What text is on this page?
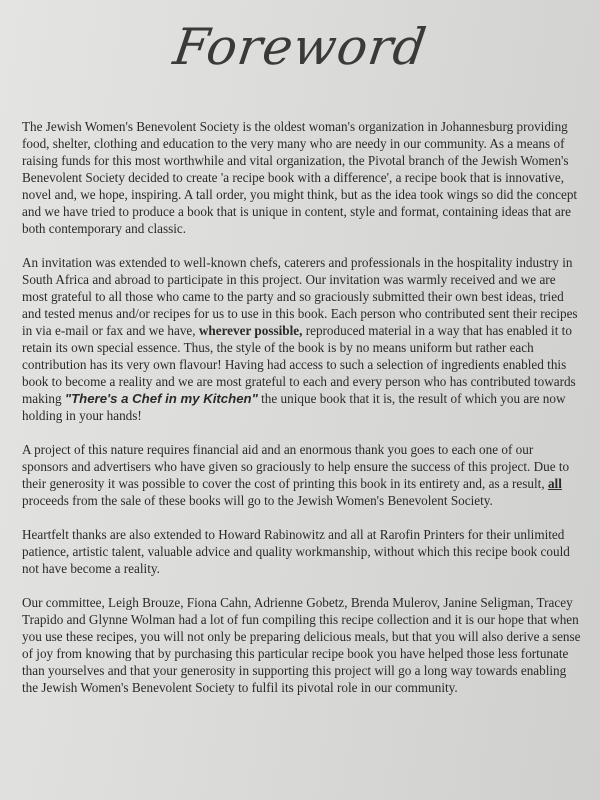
Foreword

The Jewish Women's Benevolent Society is the oldest woman's organization in Johannesburg providing food, shelter, clothing and education to the very many who are needy in our community. As a means of raising funds for this most worthwhile and vital organization, the Pivotal branch of the Jewish Women's Benevolent Society decided to create 'a recipe book with a difference', a recipe book that is innovative, novel and, we hope, inspiring. A tall order, you might think, but as the idea took wings so did the concept and we have tried to produce a book that is unique in content, style and format, containing ideas that are both contemporary and classic.

An invitation was extended to well-known chefs, caterers and professionals in the hospitality industry in South Africa and abroad to participate in this project. Our invitation was warmly received and we are most grateful to all those who came to the party and so graciously submitted their own best ideas, tried and tested menus and/or recipes for us to use in this book. Each person who contributed sent their recipes in via e-mail or fax and we have, wherever possible, reproduced material in a way that has enabled it to retain its own special essence. Thus, the style of the book is by no means uniform but rather each contribution has its very own flavour! Having had access to such a selection of ingredients enabled this book to become a reality and we are most grateful to each and every person who has contributed towards making "There's a Chef in my Kitchen" the unique book that it is, the result of which you are now holding in your hands!

A project of this nature requires financial aid and an enormous thank you goes to each one of our sponsors and advertisers who have given so graciously to help ensure the success of this project. Due to their generosity it was possible to cover the cost of printing this book in its entirety and, as a result, all proceeds from the sale of these books will go to the Jewish Women's Benevolent Society.

Heartfelt thanks are also extended to Howard Rabinowitz and all at Rarofin Printers for their unlimited patience, artistic talent, valuable advice and quality workmanship, without which this recipe book could not have become a reality.

Our committee, Leigh Brouze, Fiona Cahn, Adrienne Gobetz, Brenda Mulerov, Janine Seligman, Tracey Trapido and Glynne Wolman had a lot of fun compiling this recipe collection and it is our hope that when you use these recipes, you will not only be preparing delicious meals, but that you will also derive a sense of joy from knowing that by purchasing this particular recipe book you have helped those less fortunate than yourselves and that your generosity in supporting this project will go a long way towards enabling the Jewish Women's Benevolent Society to fulfil its pivotal role in our community.
